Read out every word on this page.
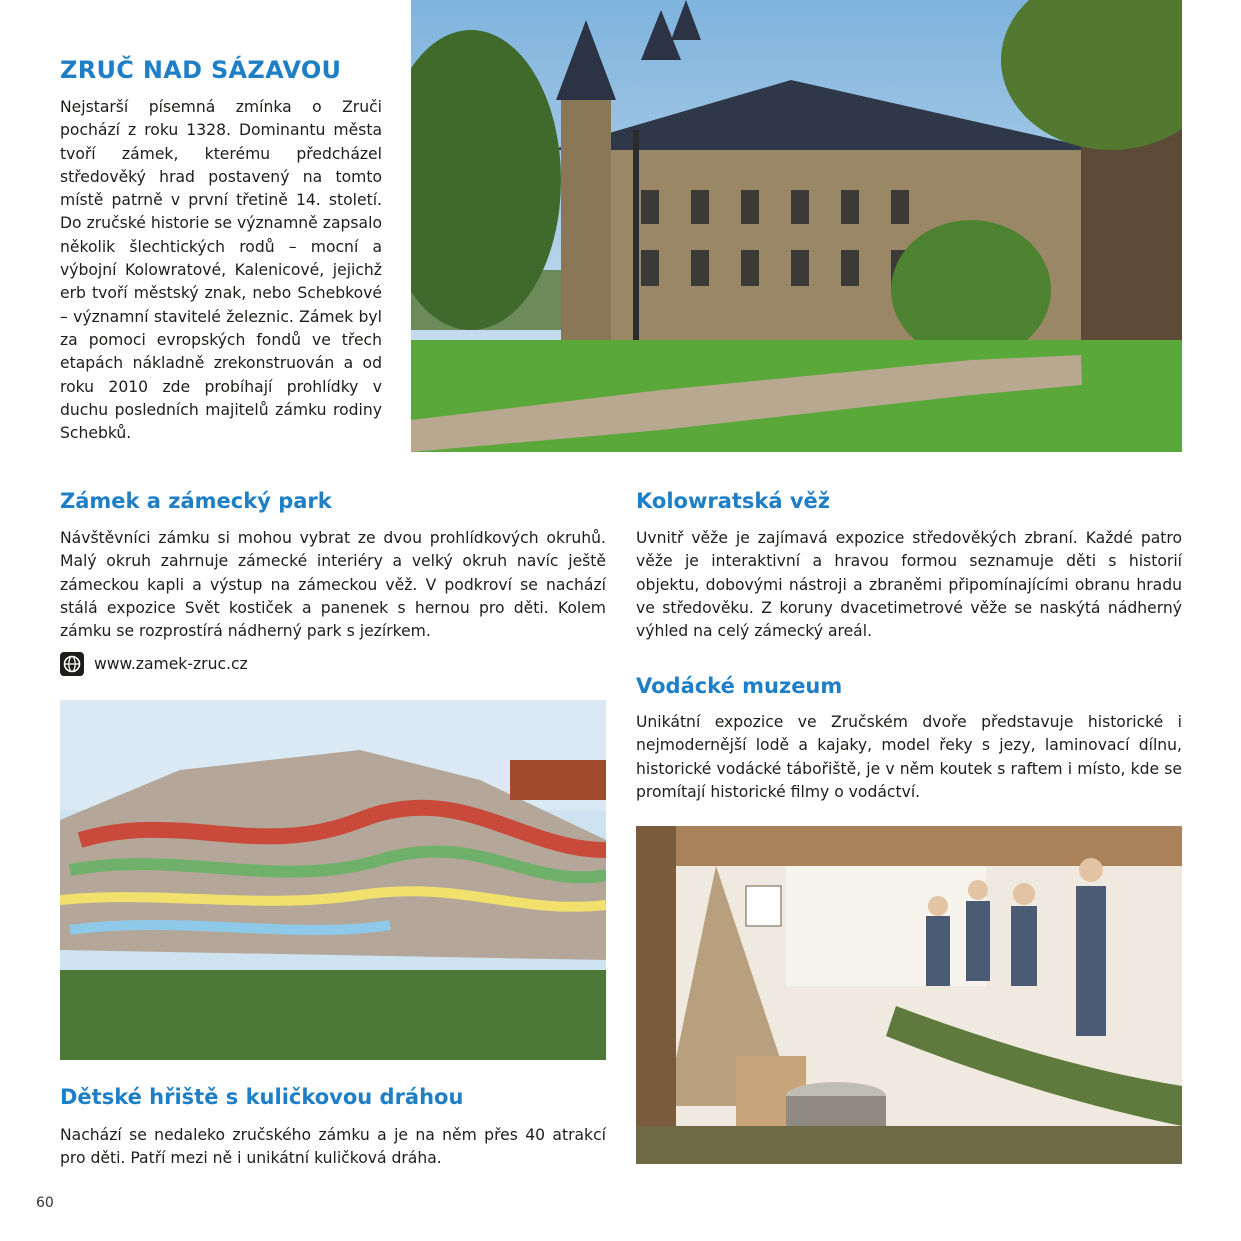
ZRUČ NAD SÁZAVOU

Nejstarší písemná zmínka o Zruči pochází z roku 1328. Dominantu města tvoří zámek, kterému předcházel středověký hrad postavený na tomto místě patrně v první třetině 14. století. Do zručské historie se významně zapsalo několik šlechtických rodů – mocní a výbojní Kolowratové, Kalenicové, jejichž erb tvoří městský znak, nebo Schebkové – významní stavitelé železnic. Zámek byl za pomoci evropských fondů ve třech etapách nákladně zrekonstruován a od roku 2010 zde probíhají prohlídky v duchu posledních majitelů zámku rodiny Schebků.

Zámek a zámecký park

Návštěvníci zámku si mohou vybrat ze dvou prohlídkových okruhů. Malý okruh zahrnuje zámecké interiéry a velký okruh navíc ještě zámeckou kapli a výstup na zámeckou věž. V podkroví se nachází stálá expozice Svět kostiček a panenek s hernou pro děti. Kolem zámku se rozprostírá nádherný park s jezírkem.

www.zamek-zruc.cz
Dětské hřiště s kuličkovou dráhou

Nachází se nedaleko zručského zámku a je na něm přes 40 atrakcí pro děti. Patří mezi ně i unikátní kuličková dráha.

Kolowratská věž

Uvnitř věže je zajímavá expozice středověkých zbraní. Každé patro věže je interaktivní a hravou formou seznamuje děti s historií objektu, dobovými nástroji a zbraněmi připomínajícími obranu hradu ve středověku. Z koruny dvacetimetrové věže se naskýtá nádherný výhled na celý zámecký areál.

Vodácké muzeum

Unikátní expozice ve Zručském dvoře představuje historické i nejmodernější lodě a kajaky, model řeky s jezy, laminovací dílnu, historické vodácké tábořiště, je v něm koutek s raftem i místo, kde se promítají historické filmy o vodáctví.

60
